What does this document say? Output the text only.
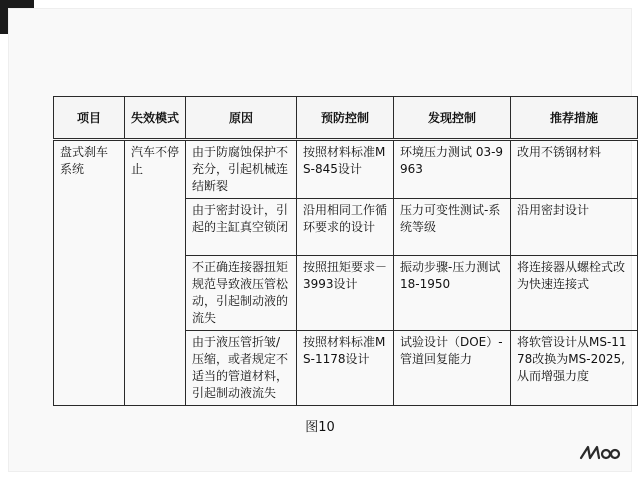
项目	失效模式	原因	预防控制	发现控制	推荐措施
盘式刹车系统	汽车不停止	由于防腐蚀保护不充分，引起机械连结断裂	按照材料标准MS-845设计	环境压力测试 03-9963	改用不锈钢材料
		由于密封设计，引起的主缸真空锁闭	沿用相同工作循环要求的设计	压力可变性测试-系统等级	沿用密封设计
		不正确连接器扭矩规范导致液压管松动，引起制动液的流失	按照扭矩要求－3993设计	振动步骤-压力测试18-1950	将连接器从螺栓式改为快速连接式
		由于液压管折皱/压缩，或者规定不适当的管道材料，引起制动液流失	按照材料标准MS-1178设计	试验设计（DOE）- 管道回复能力	将软管设计从MS-1178改换为MS-2025,从而增强力度
图10
